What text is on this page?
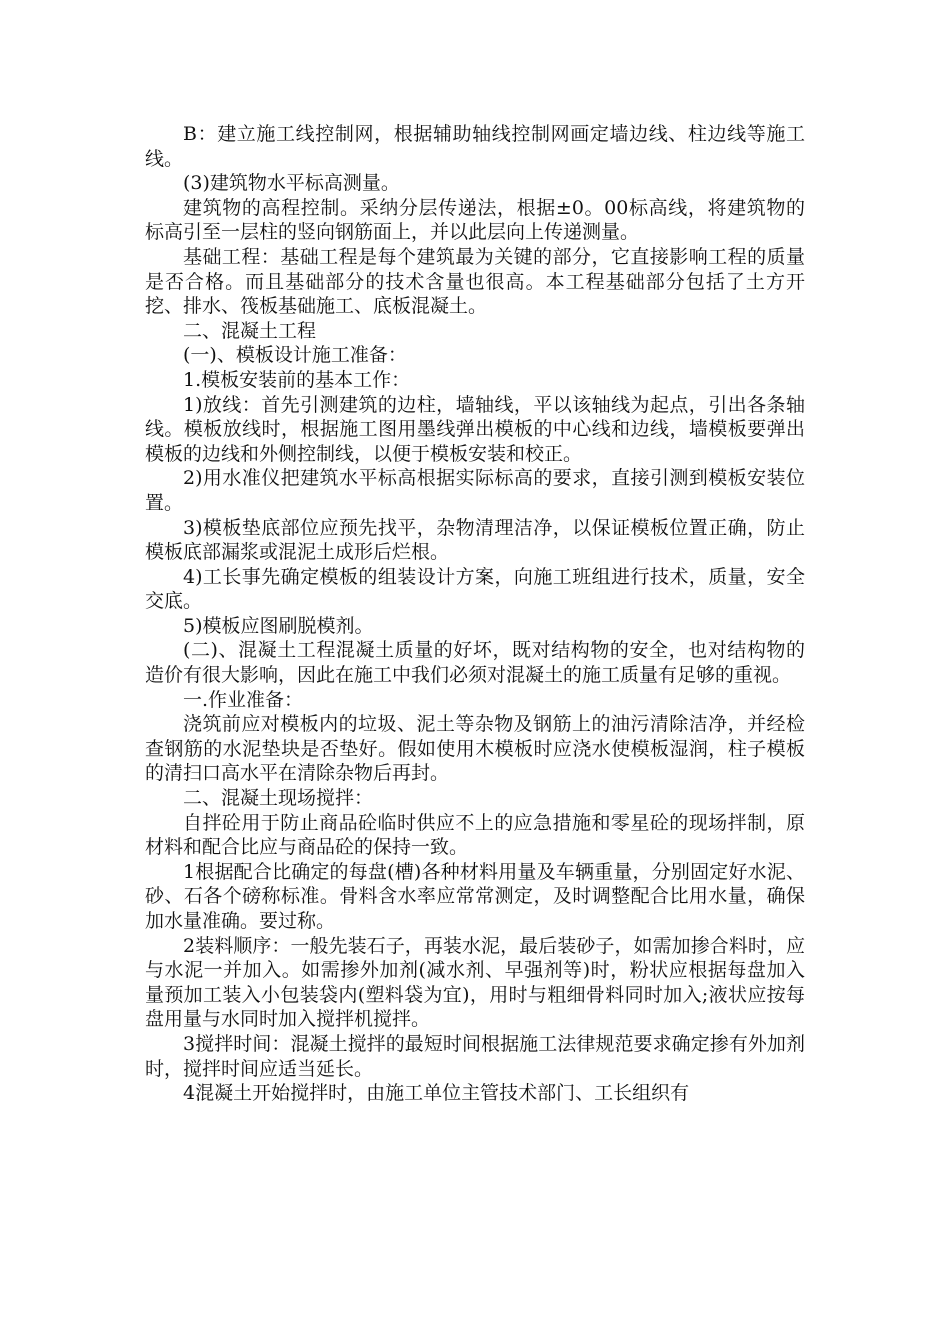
B：建立施工线控制网，根据辅助轴线控制网画定墙边线、柱边线等施工线。

(3)建筑物水平标高测量。

建筑物的高程控制。采纳分层传递法，根据±0。00标高线，将建筑物的标高引至一层柱的竖向钢筋面上，并以此层向上传递测量。

基础工程：基础工程是每个建筑最为关键的部分，它直接影响工程的质量是否合格。而且基础部分的技术含量也很高。本工程基础部分包括了土方开挖、排水、筏板基础施工、底板混凝土。

二、混凝土工程

(一)、模板设计施工准备：

1.模板安装前的基本工作：

1)放线：首先引测建筑的边柱，墙轴线，平以该轴线为起点，引出各条轴线。模板放线时，根据施工图用墨线弹出模板的中心线和边线，墙模板要弹出模板的边线和外侧控制线，以便于模板安装和校正。

2)用水准仪把建筑水平标高根据实际标高的要求，直接引测到模板安装位置。

3)模板垫底部位应预先找平，杂物清理洁净，以保证模板位置正确，防止模板底部漏浆或混泥土成形后烂根。

4)工长事先确定模板的组装设计方案，向施工班组进行技术，质量，安全交底。

5)模板应图刷脱模剂。

(二)、混凝土工程混凝土质量的好坏，既对结构物的安全，也对结构物的造价有很大影响，因此在施工中我们必须对混凝土的施工质量有足够的重视。

一.作业准备：

浇筑前应对模板内的垃圾、泥土等杂物及钢筋上的油污清除洁净，并经检查钢筋的水泥垫块是否垫好。假如使用木模板时应浇水使模板湿润，柱子模板的清扫口高水平在清除杂物后再封。

二、混凝土现场搅拌：

自拌砼用于防止商品砼临时供应不上的应急措施和零星砼的现场拌制，原材料和配合比应与商品砼的保持一致。

1根据配合比确定的每盘(槽)各种材料用量及车辆重量，分别固定好水泥、砂、石各个磅称标准。骨料含水率应常常测定，及时调整配合比用水量，确保加水量准确。要过称。

2装料顺序：一般先装石子，再装水泥，最后装砂子，如需加掺合料时，应与水泥一并加入。如需掺外加剂(减水剂、早强剂等)时，粉状应根据每盘加入量预加工装入小包装袋内(塑料袋为宜)，用时与粗细骨料同时加入;液状应按每盘用量与水同时加入搅拌机搅拌。

3搅拌时间：混凝土搅拌的最短时间根据施工法律规范要求确定掺有外加剂时，搅拌时间应适当延长。

4混凝土开始搅拌时，由施工单位主管技术部门、工长组织有
